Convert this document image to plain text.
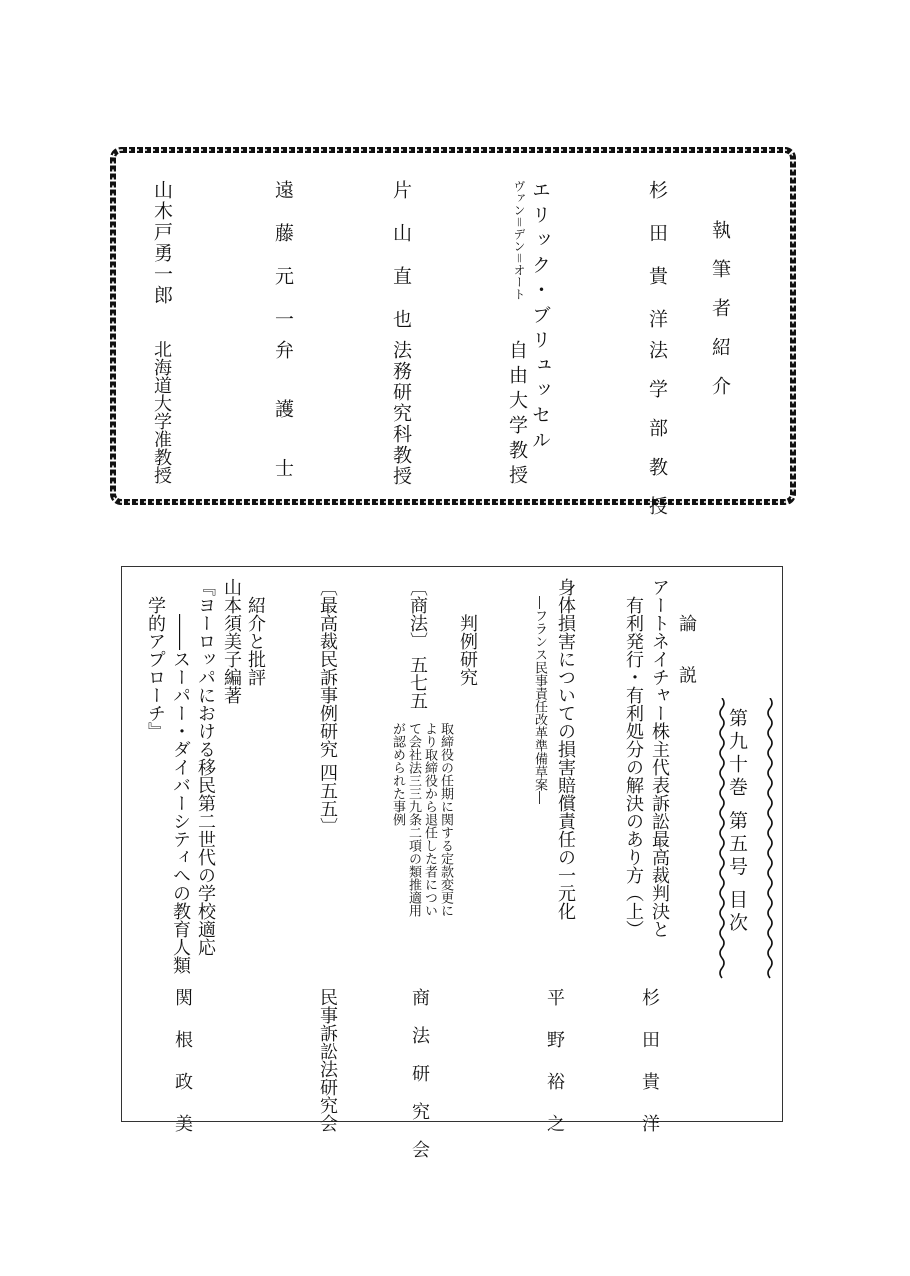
執筆者紹介
杉田貴洋
法学部教授
エリック・ブリュッセル
ヴァン＝デン＝オート
自由大学教授
片山直也
法務研究科教授
遠藤元一
弁護士
山木戸勇一郎
北海道大学准教授
第九十巻 第五号 目次
論 説
アートネイチャー株主代表訴訟最高裁判決と
有利発行・有利処分の解決のあり方（上）
杉田貴洋
身体損害についての損害賠償責任の一元化
―フランス民事責任改革準備草案―
平野裕之
判例研究
〔商法〕 五七五
取締役の任期に関する定款変更に
より取締役から退任した者につい
て会社法三三九条二項の類推適用
が認められた事例
商法研究会
〔最高裁民訴事例研究 四五五〕
民事訴訟法研究会
紹介と批評
山本須美子編著
『ヨーロッパにおける移民第二世代の学校適応
――スーパー・ダイバーシティへの教育人類
学的アプローチ』
関根政美
